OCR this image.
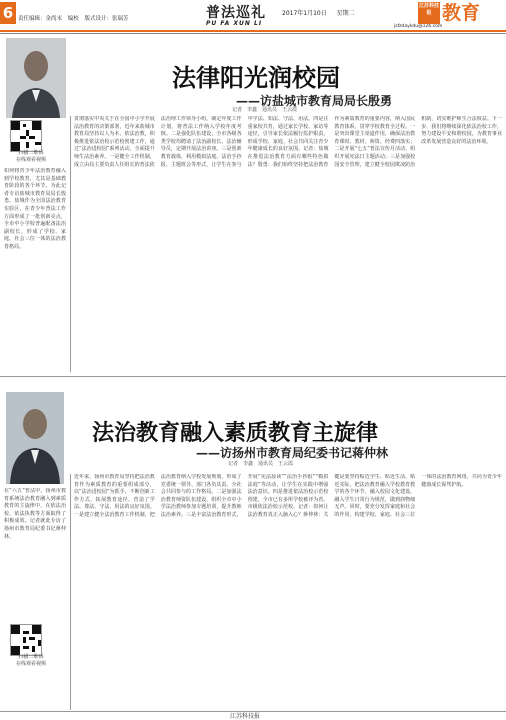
6 责任编辑：金尚末 编校 版式设计：张瑞芳	普法巡礼
PU FA XUN LI
2017年1月10日 星期二
jsfzdaykdu@126.com
江苏科技报 教育
法律阳光润校园
——访盐城市教育局局长殷勇
记者　李鑫　通讯员　王云霞
扫描二维码
在线观看视频
如何将青少年法治教育融入到学校教育，尤其是基础教育阶段的各个环节，为此记者专访盐城市教育局局长殷勇。盐城作为全国法治教育实验区，在青少年普法工作方面形成了一批创新亮点，全市中小学校普遍配备法治副校长，形成了学校、家庭、社会三位一体的法治教育格局。
贯彻落实中央关于在全国中小学开展法治教育的决策部署，近年来盐城市教育局坚持以人为本、依法治教，积极推进依法治校示范校创建工作，通过“法治进校园”系列活动，全面提升师生法治素养。一是健全工作机制，成立由局主要负责人任组长的普法依法治理工作领导小组，制定年度工作计划，将普法工作纳入学校年度考核。二是强化队伍建设，全市各级各类学校均聘请了法治副校长、法治辅导员，定期开展法治讲座。三是创新教育载体，利用模拟法庭、法治手抄报、主题班会等形式，让学生在参与中学法、知法、守法、用法。四是注重家校共育，通过家长学校、家访等途径，引导家长依法履行监护职责，形成学校、家庭、社会共同关注青少年健康成长的良好氛围。记者：盐城在推进法治教育方面有哪些特色做法？殷勇：我们始终坚持把法治教育作为素质教育的重要内容，纳入国民教育体系，贯穿学校教育全过程。一是突出课堂主渠道作用，确保法治教育课时、教材、师资、经费四落实；二是开展“七五”普法宣传月活动，组织开展宪法日主题活动；三是加强校园安全管理，建立健全校园欺凌防治机制，切实维护师生合法权益。下一步，我们将继续深化依法治校工作，努力建设平安和谐校园，为教育事业改革发展营造良好的法治环境。
法治教育融入素质教育主旋律
——访扬州市教育局纪委书记蒋仲林
记者　李鑫　通讯员　王云霞
扫描二维码
在线观看视频
在“六五”普法中，扬州市教育系统法治教育融入到素质教育的主旋律中，在依法治校、依法执教等方面取得了积极成效。记者就此专访了扬州市教育局纪委书记蒋仲林。
近年来，扬州市教育局坚持把法治教育作为素质教育的重要组成部分，以“法治进校园”为抓手，不断创新工作方式，拓展教育途径，营造了学法、尊法、守法、用法的良好氛围。一是建立健全法治教育工作机制，把法治教育纳入学校发展规划，形成了党委统一领导、部门各负其责、全社会共同参与的工作格局。二是加强法治教育师资队伍建设，组织全市中小学法治教师参加专题培训，提升教师法治素养。三是丰富法治教育形式，开展“宪法晨读”“法治手抄报”“模拟法庭”等活动，让学生在实践中增强法治意识。四是推进依法治校示范校创建，全市已有多所学校被评为省、市级依法治校示范校。记者：如何让法治教育真正入脑入心？蒋仲林：关键是要坚持贴近学生、贴近生活、贴近实际，把法治教育融入学校教育教学的各个环节，融入校园文化建设，融入学生日常行为规范，做到润物细无声。同时，要充分发挥家庭和社会的作用，构建学校、家庭、社会三位一体的法治教育网络，共同为青少年健康成长保驾护航。
江苏科技报
